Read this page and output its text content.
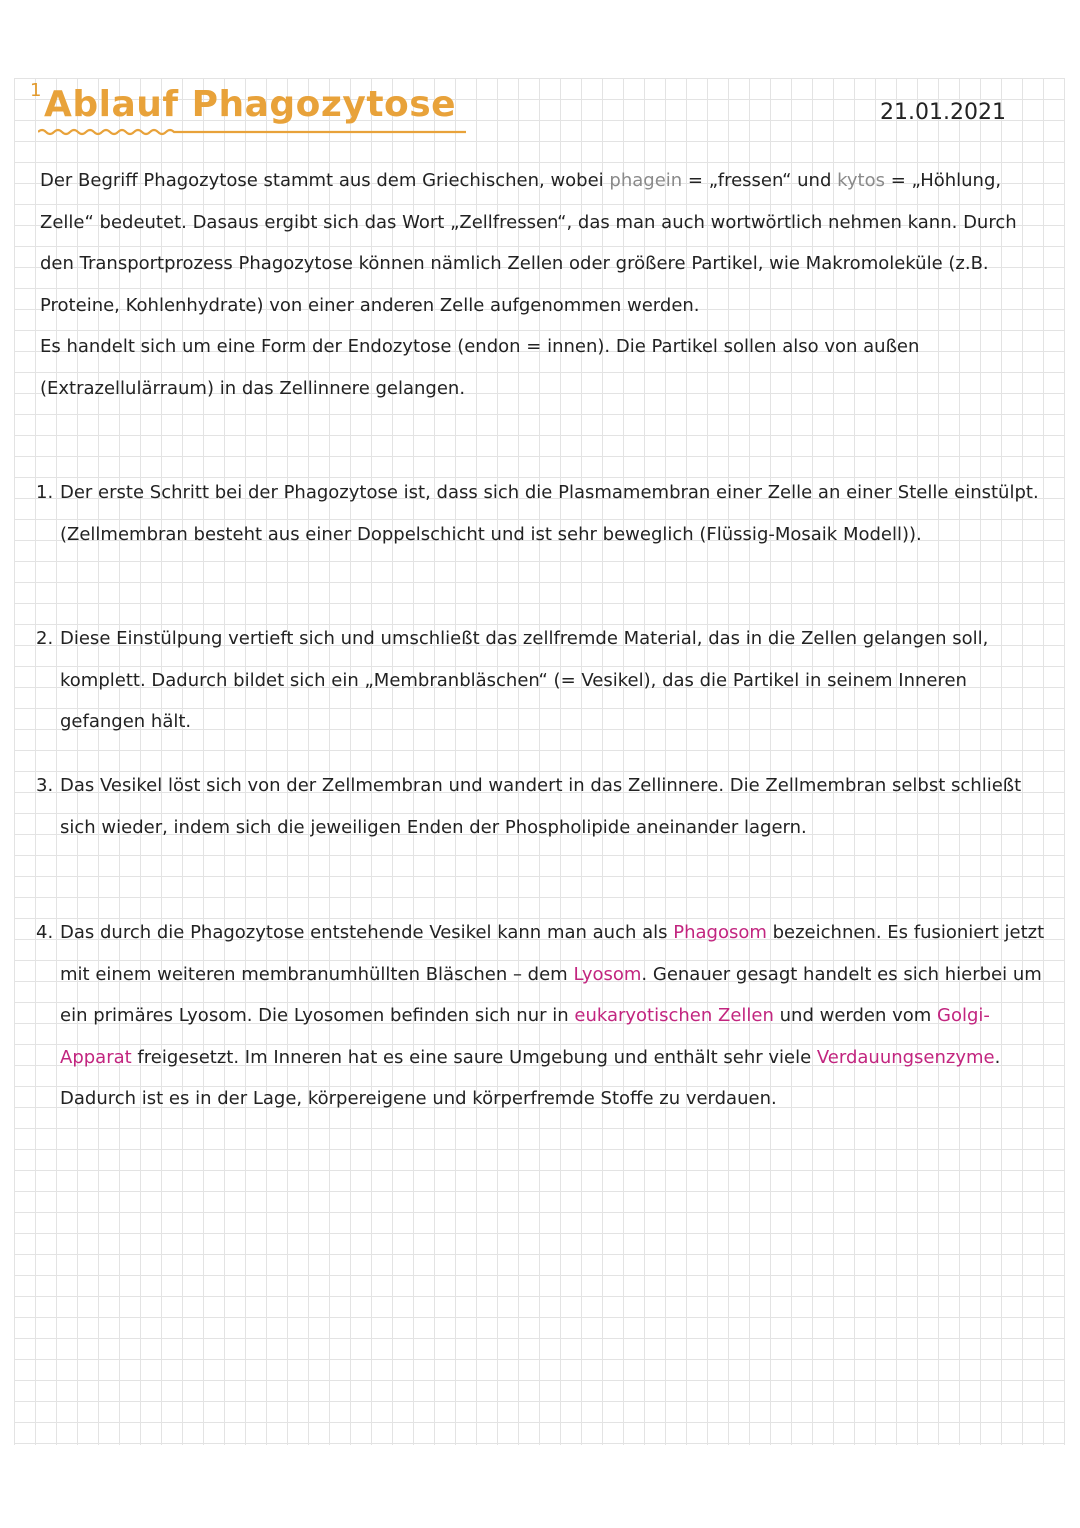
1 Ablauf Phagozytose	21.01.2021

Der Begriff Phagozytose stammt aus dem Griechischen, wobei phagein = „fressen“ und kytos = „Höhlung, Zelle“ bedeutet. Dasaus ergibt sich das Wort „Zellfressen“, das man auch wortwörtlich nehmen kann. Durch den Transportprozess Phagozytose können nämlich Zellen oder größere Partikel, wie Makromoleküle (z.B. Proteine, Kohlenhydrate) von einer anderen Zelle aufgenommen werden.
Es handelt sich um eine Form der Endozytose (endon = innen). Die Partikel sollen also von außen (Extrazellulärraum) in das Zellinnere gelangen.

1. Der erste Schritt bei der Phagozytose ist, dass sich die Plasmamembran einer Zelle an einer Stelle einstülpt. (Zellmembran besteht aus einer Doppelschicht und ist sehr beweglich (Flüssig-Mosaik Modell)).
2. Diese Einstülpung vertieft sich und umschließt das zellfremde Material, das in die Zellen gelangen soll, komplett. Dadurch bildet sich ein „Membranbläschen“ (= Vesikel), das die Partikel in seinem Inneren gefangen hält.
3. Das Vesikel löst sich von der Zellmembran und wandert in das Zellinnere. Die Zellmembran selbst schließt sich wieder, indem sich die jeweiligen Enden der Phospholipide aneinander lagern.
4. Das durch die Phagozytose entstehende Vesikel kann man auch als Phagosom bezeichnen. Es fusioniert jetzt mit einem weiteren membranumhüllten Bläschen – dem Lyosom. Genauer gesagt handelt es sich hierbei um ein primäres Lyosom. Die Lyosomen befinden sich nur in eukaryotischen Zellen und werden vom Golgi-Apparat freigesetzt. Im Inneren hat es eine saure Umgebung und enthält sehr viele Verdauungsenzyme. Dadurch ist es in der Lage, körpereigene und körperfremde Stoffe zu verdauen.
